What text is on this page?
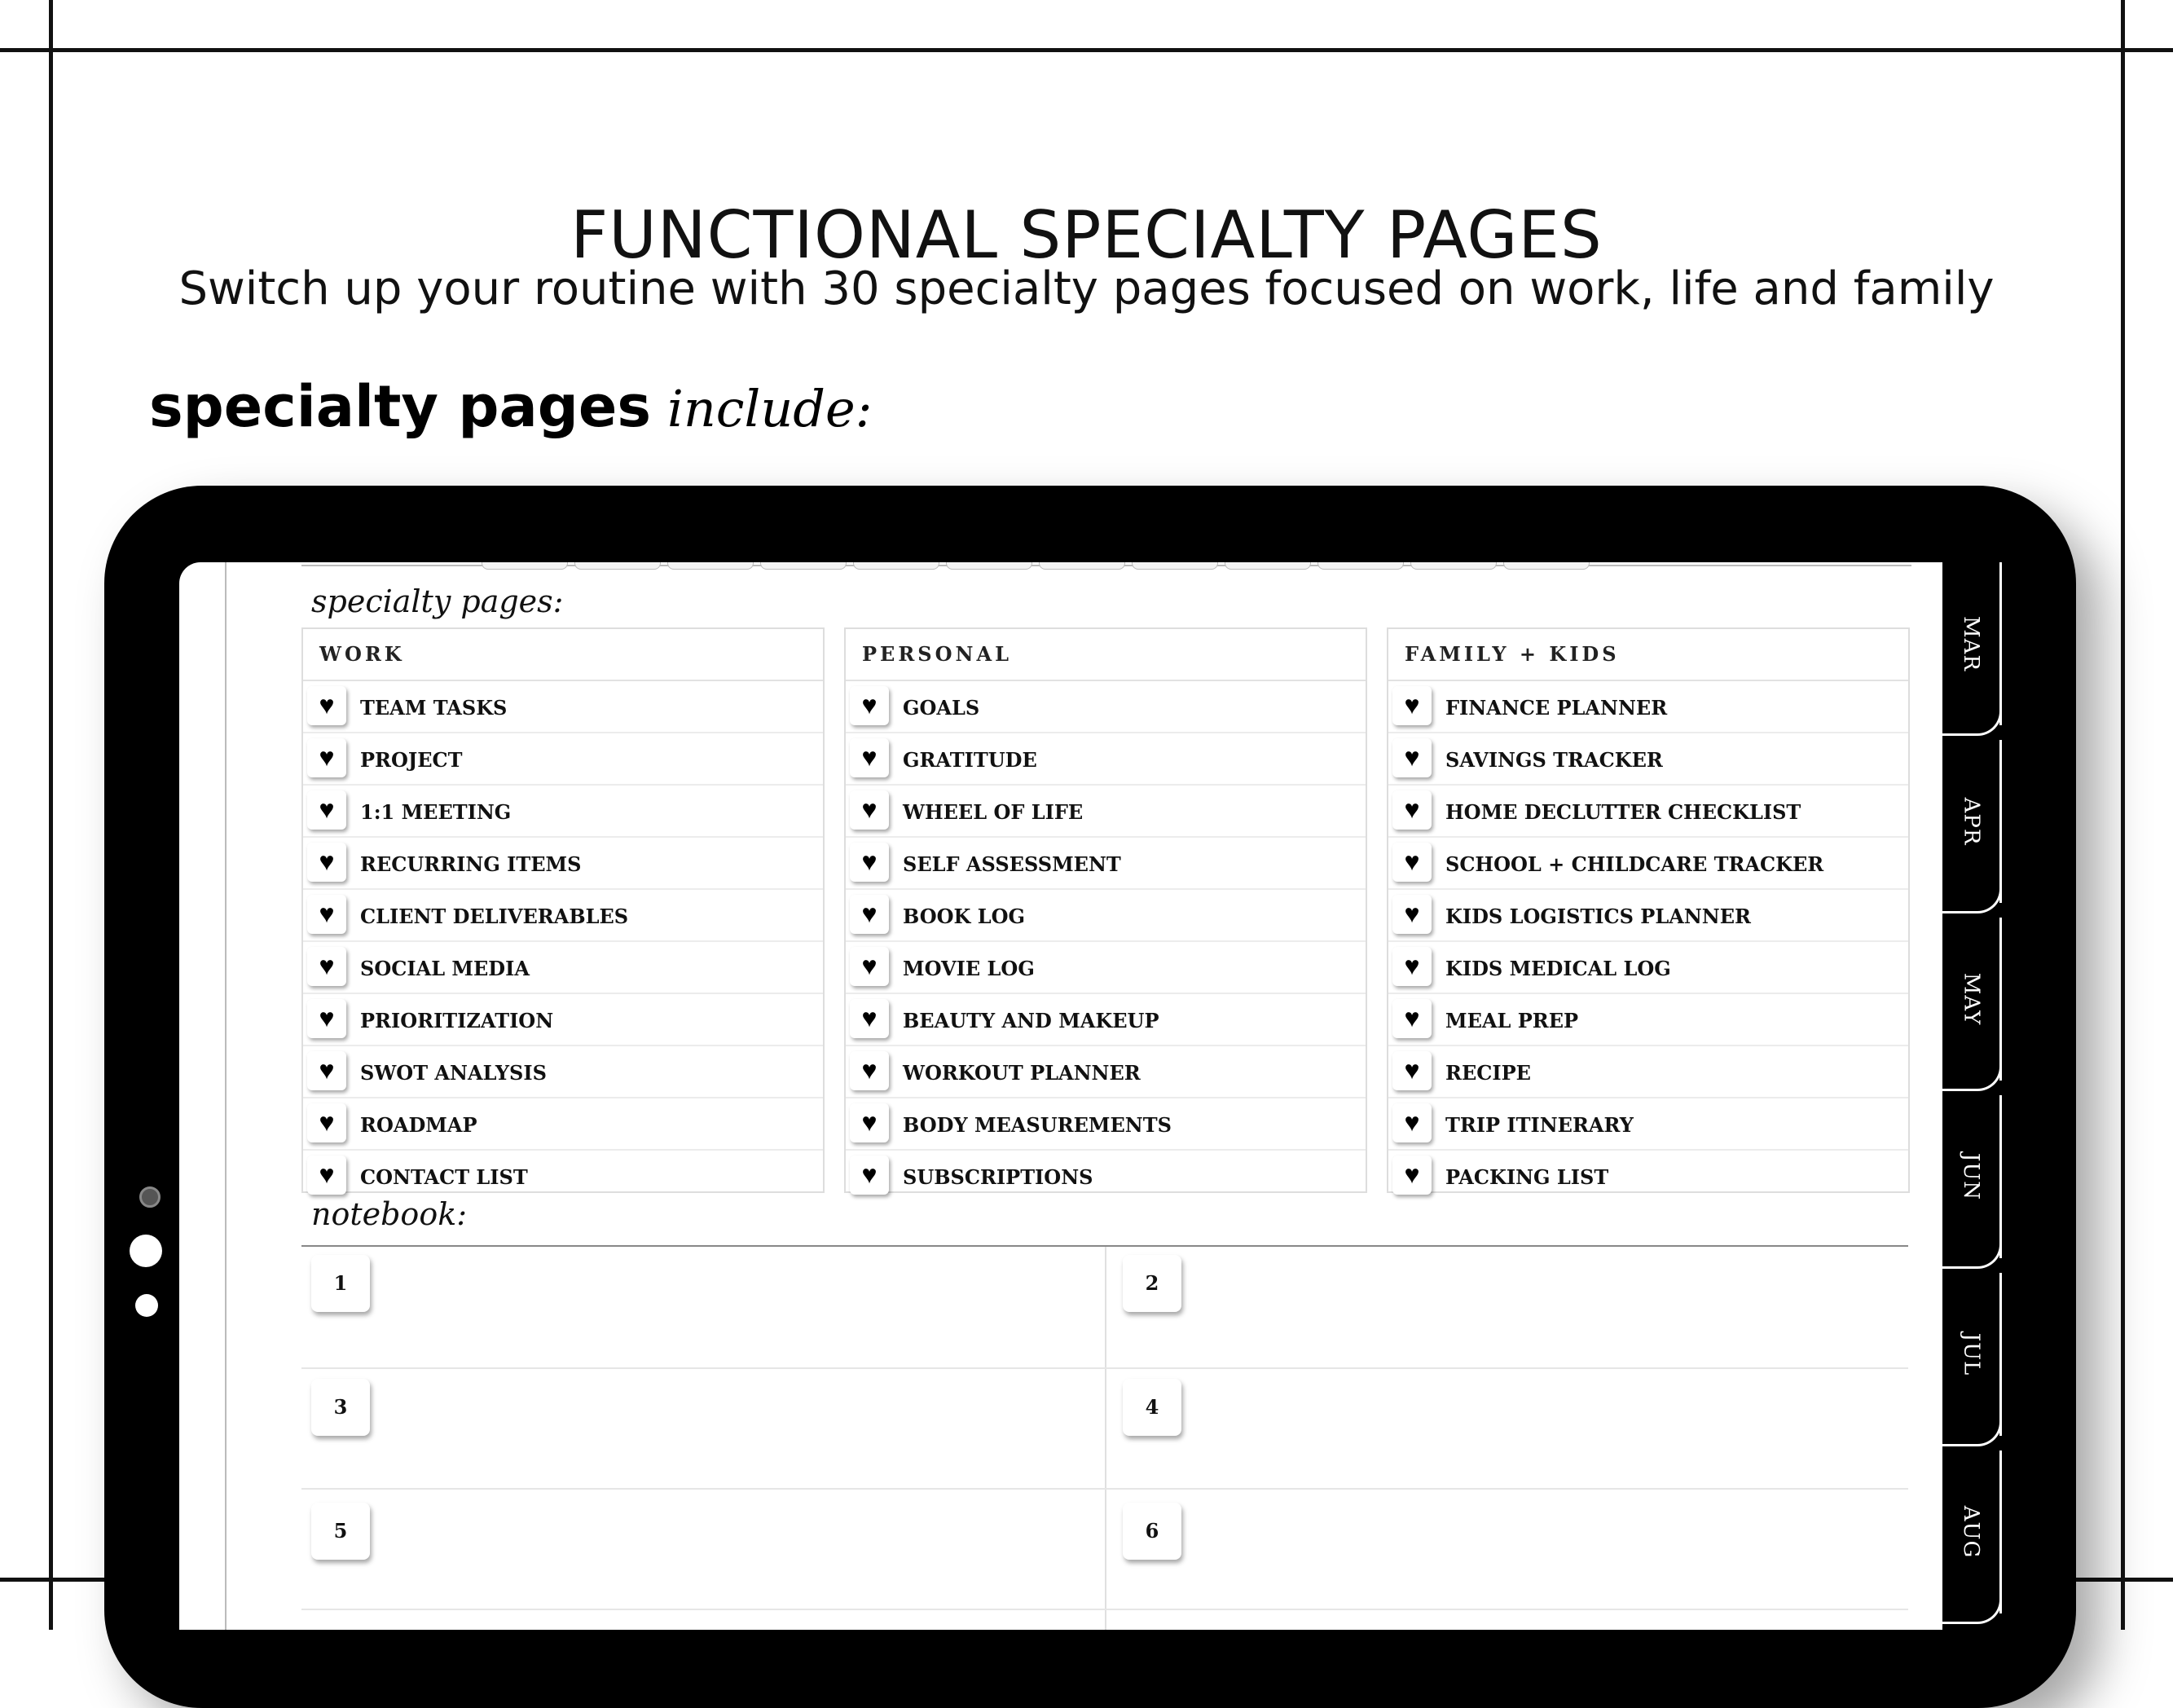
FUNCTIONAL SPECIALTY PAGES
Switch up your routine with 30 specialty pages focused on work, life and family
specialty pages include:
specialty pages:
WORK
♥	TEAM TASKS
♥	PROJECT
♥	1:1 MEETING
♥	RECURRING ITEMS
♥	CLIENT DELIVERABLES
♥	SOCIAL MEDIA
♥	PRIORITIZATION
♥	SWOT ANALYSIS
♥	ROADMAP
♥	CONTACT LIST
PERSONAL
♥	GOALS
♥	GRATITUDE
♥	WHEEL OF LIFE
♥	SELF ASSESSMENT
♥	BOOK LOG
♥	MOVIE LOG
♥	BEAUTY AND MAKEUP
♥	WORKOUT PLANNER
♥	BODY MEASUREMENTS
♥	SUBSCRIPTIONS
FAMILY + KIDS
♥	FINANCE PLANNER
♥	SAVINGS TRACKER
♥	HOME DECLUTTER CHECKLIST
♥	SCHOOL + CHILDCARE TRACKER
♥	KIDS LOGISTICS PLANNER
♥	KIDS MEDICAL LOG
♥	MEAL PREP
♥	RECIPE
♥	TRIP ITINERARY
♥	PACKING LIST
notebook:
1	2
3	4
5	6
MAR
APR
MAY
JUN
JUL
AUG
